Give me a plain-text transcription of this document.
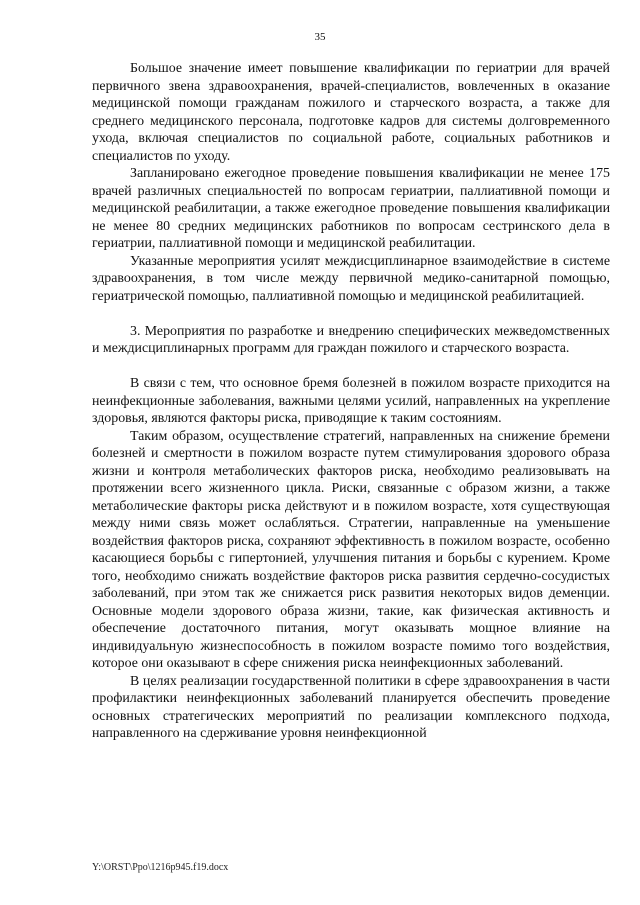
35

Большое значение имеет повышение квалификации по гериатрии для врачей первичного звена здравоохранения, врачей-специалистов, вовлеченных в оказание медицинской помощи гражданам пожилого и старческого возраста, а также для среднего медицинского персонала, подготовке кадров для системы долговременного ухода, включая специалистов по социальной работе, социальных работников и специалистов по уходу.

Запланировано ежегодное проведение повышения квалификации не менее 175 врачей различных специальностей по вопросам гериатрии, паллиативной помощи и медицинской реабилитации, а также ежегодное проведение повышения квалификации не менее 80 средних медицинских работников по вопросам сестринского дела в гериатрии, паллиативной помощи и медицинской реабилитации.

Указанные мероприятия усилят междисциплинарное взаимодействие в системе здравоохранения, в том числе между первичной медико-санитарной помощью, гериатрической помощью, паллиативной помощью и медицинской реабилитацией.

3. Мероприятия по разработке и внедрению специфических межведомственных и междисциплинарных программ для граждан пожилого и старческого возраста.

В связи с тем, что основное бремя болезней в пожилом возрасте приходится на неинфекционные заболевания, важными целями усилий, направленных на укрепление здоровья, являются факторы риска, приводящие к таким состояниям.

Таким образом, осуществление стратегий, направленных на снижение бремени болезней и смертности в пожилом возрасте путем стимулирования здорового образа жизни и контроля метаболических факторов риска, необходимо реализовывать на протяжении всего жизненного цикла. Риски, связанные с образом жизни, а также метаболические факторы риска действуют и в пожилом возрасте, хотя существующая между ними связь может ослабляться. Стратегии, направленные на уменьшение воздействия факторов риска, сохраняют эффективность в пожилом возрасте, особенно касающиеся борьбы с гипертонией, улучшения питания и борьбы с курением. Кроме того, необходимо снижать воздействие факторов риска развития сердечно-сосудистых заболеваний, при этом так же снижается риск развития некоторых видов деменции. Основные модели здорового образа жизни, такие, как физическая активность и обеспечение достаточного питания, могут оказывать мощное влияние на индивидуальную жизнеспособность в пожилом возрасте помимо того воздействия, которое они оказывают в сфере снижения риска неинфекционных заболеваний.

В целях реализации государственной политики в сфере здравоохранения в части профилактики неинфекционных заболеваний планируется обеспечить проведение основных стратегических мероприятий по реализации комплексного подхода, направленного на сдерживание уровня неинфекционной

Y:\ORST\Ppo\1216p945.f19.docx
